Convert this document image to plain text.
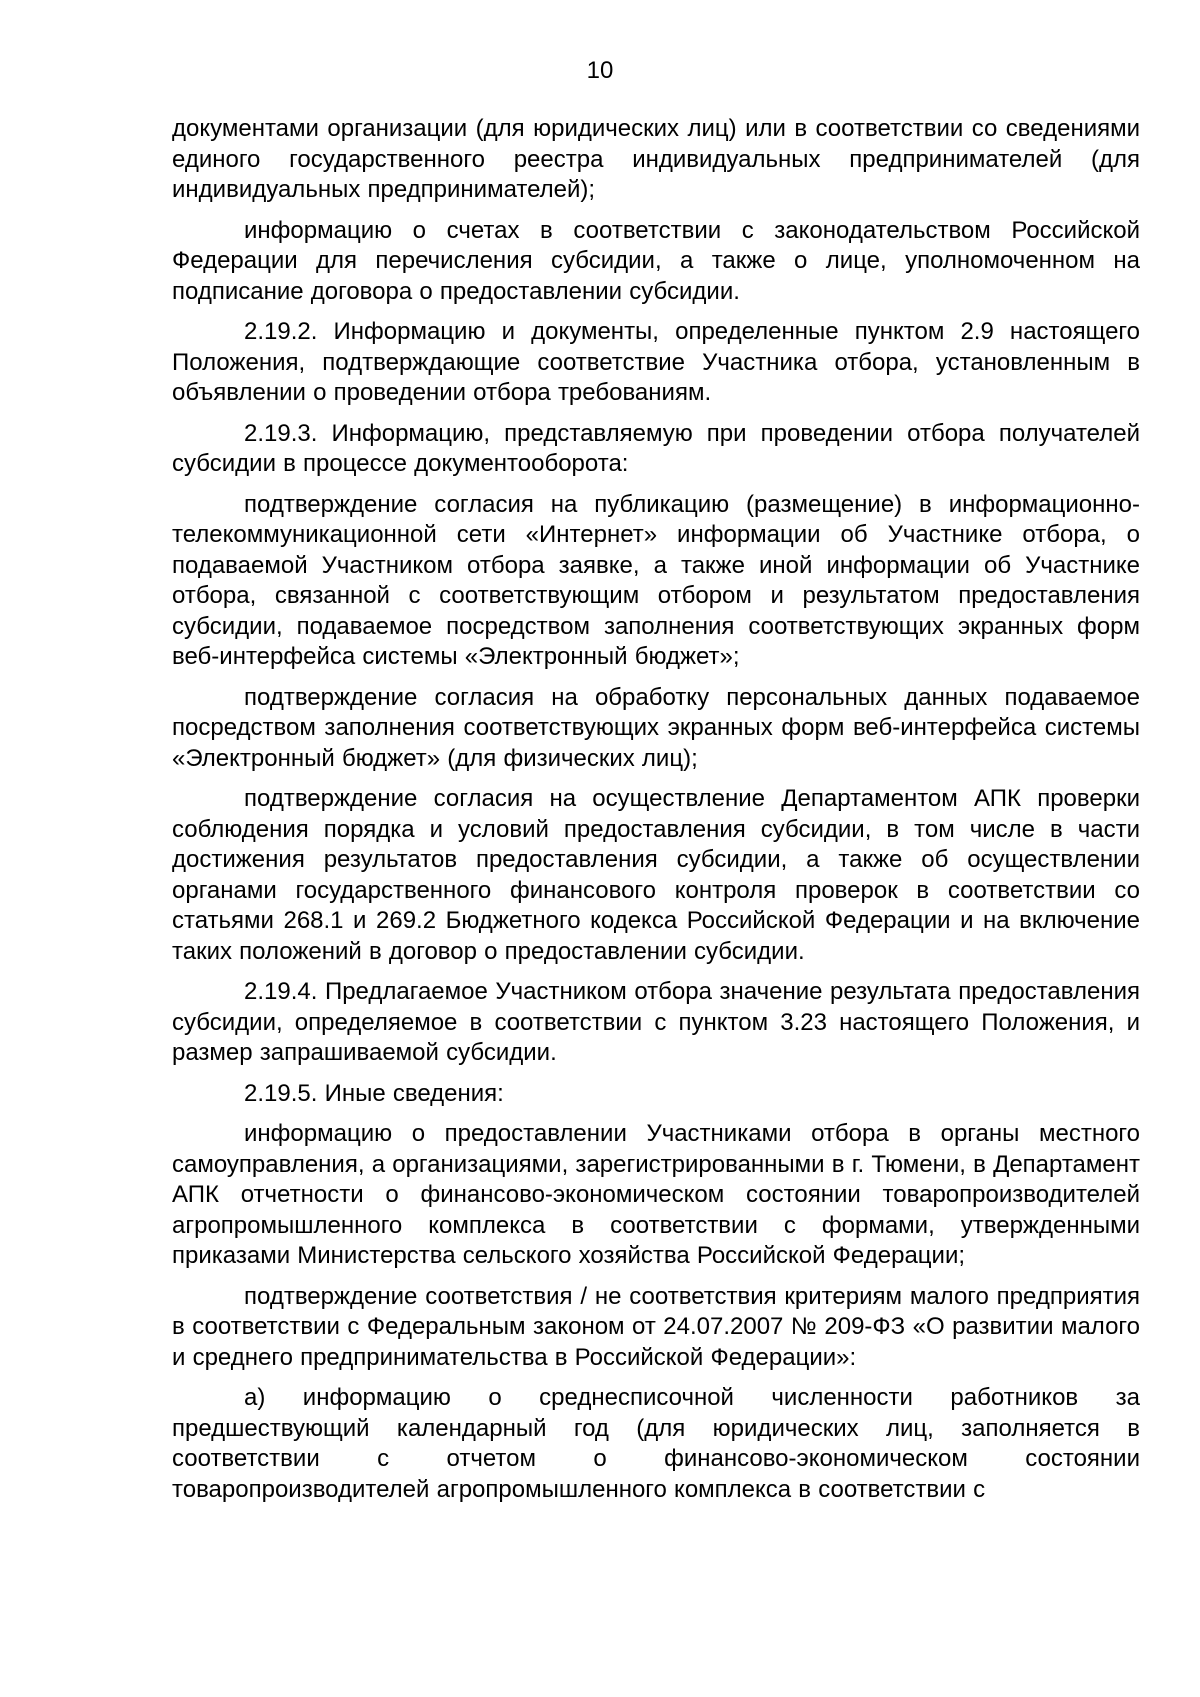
10

документами организации (для юридических лиц) или в соответствии со сведениями единого государственного реестра индивидуальных предпринимателей (для индивидуальных предпринимателей);

информацию о счетах в соответствии с законодательством Российской Федерации для перечисления субсидии, а также о лице, уполномоченном на подписание договора о предоставлении субсидии.

2.19.2. Информацию и документы, определенные пунктом 2.9 настоящего Положения, подтверждающие соответствие Участника отбора, установленным в объявлении о проведении отбора требованиям.

2.19.3. Информацию, представляемую при проведении отбора получателей субсидии в процессе документооборота:

подтверждение согласия на публикацию (размещение) в информационно-телекоммуникационной сети «Интернет» информации об Участнике отбора, о подаваемой Участником отбора заявке, а также иной информации об Участнике отбора, связанной с соответствующим отбором и результатом предоставления субсидии, подаваемое посредством заполнения соответствующих экранных форм веб-интерфейса системы «Электронный бюджет»;

подтверждение согласия на обработку персональных данных подаваемое посредством заполнения соответствующих экранных форм веб-интерфейса системы «Электронный бюджет» (для физических лиц);

подтверждение согласия на осуществление Департаментом АПК проверки соблюдения порядка и условий предоставления субсидии, в том числе в части достижения результатов предоставления субсидии, а также об осуществлении органами государственного финансового контроля проверок в соответствии со статьями 268.1 и 269.2 Бюджетного кодекса Российской Федерации и на включение таких положений в договор о предоставлении субсидии.

2.19.4. Предлагаемое Участником отбора значение результата предоставления субсидии, определяемое в соответствии с пунктом 3.23 настоящего Положения, и размер запрашиваемой субсидии.

2.19.5. Иные сведения:

информацию о предоставлении Участниками отбора в органы местного самоуправления, а организациями, зарегистрированными в г. Тюмени, в Департамент АПК отчетности о финансово-экономическом состоянии товаропроизводителей агропромышленного комплекса в соответствии с формами, утвержденными приказами Министерства сельского хозяйства Российской Федерации;

подтверждение соответствия / не соответствия критериям малого предприятия в соответствии с Федеральным законом от 24.07.2007 № 209-ФЗ «О развитии малого и среднего предпринимательства в Российской Федерации»:

а) информацию о среднесписочной численности работников за предшествующий календарный год (для юридических лиц, заполняется в соответствии с отчетом о финансово-экономическом состоянии товаропроизводителей агропромышленного комплекса в соответствии с
